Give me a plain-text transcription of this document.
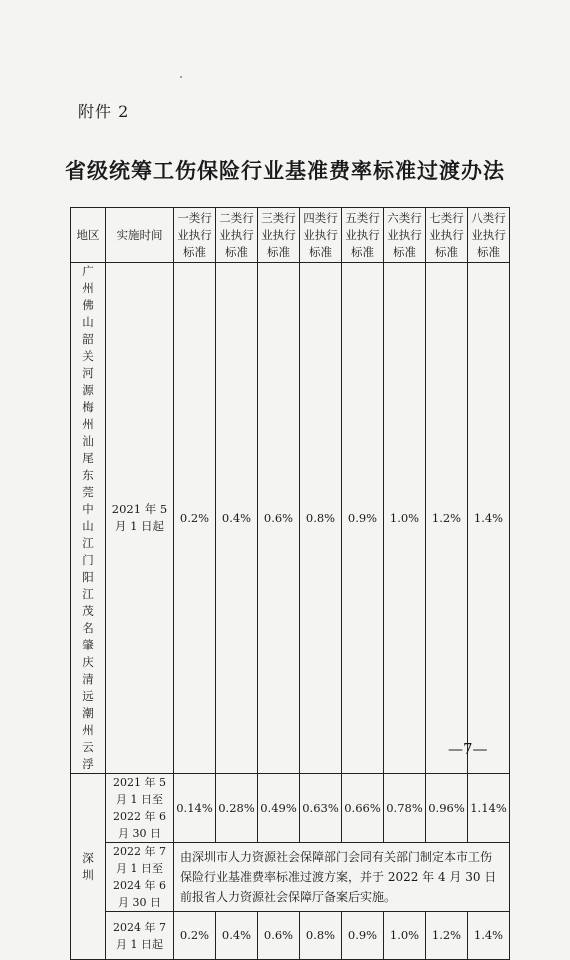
附件 2
省级统筹工伤保险行业基准费率标准过渡办法
地区	实施时间	一类行业执行标准	二类行业执行标准	三类行业执行标准	四类行业执行标准	五类行业执行标准	六类行业执行标准	七类行业执行标准	八类行业执行标准

广州佛山韶关河源梅州汕尾东莞中山江门阳江茂名肇庆清远潮州云浮	2021 年 5 月 1 日起	0.2%	0.4%	0.6%	0.8%	0.9%	1.0%	1.2%	1.4%

深圳	2021 年 5 月 1 日至 2022 年 6 月 30 日	0.14%	0.28%	0.49%	0.63%	0.66%	0.78%	0.96%	1.14%
	2022 年 7 月 1 日至 2024 年 6 月 30 日	由深圳市人力资源社会保障部门会同有关部门制定本市工伤保险行业基准费率标准过渡方案，并于 2022 年 4 月 30 日前报省人力资源社会保障厅备案后实施。							
	2024 年 7 月 1 日起	0.2%	0.4%	0.6%	0.8%	0.9%	1.0%	1.2%	1.4%
—7—
